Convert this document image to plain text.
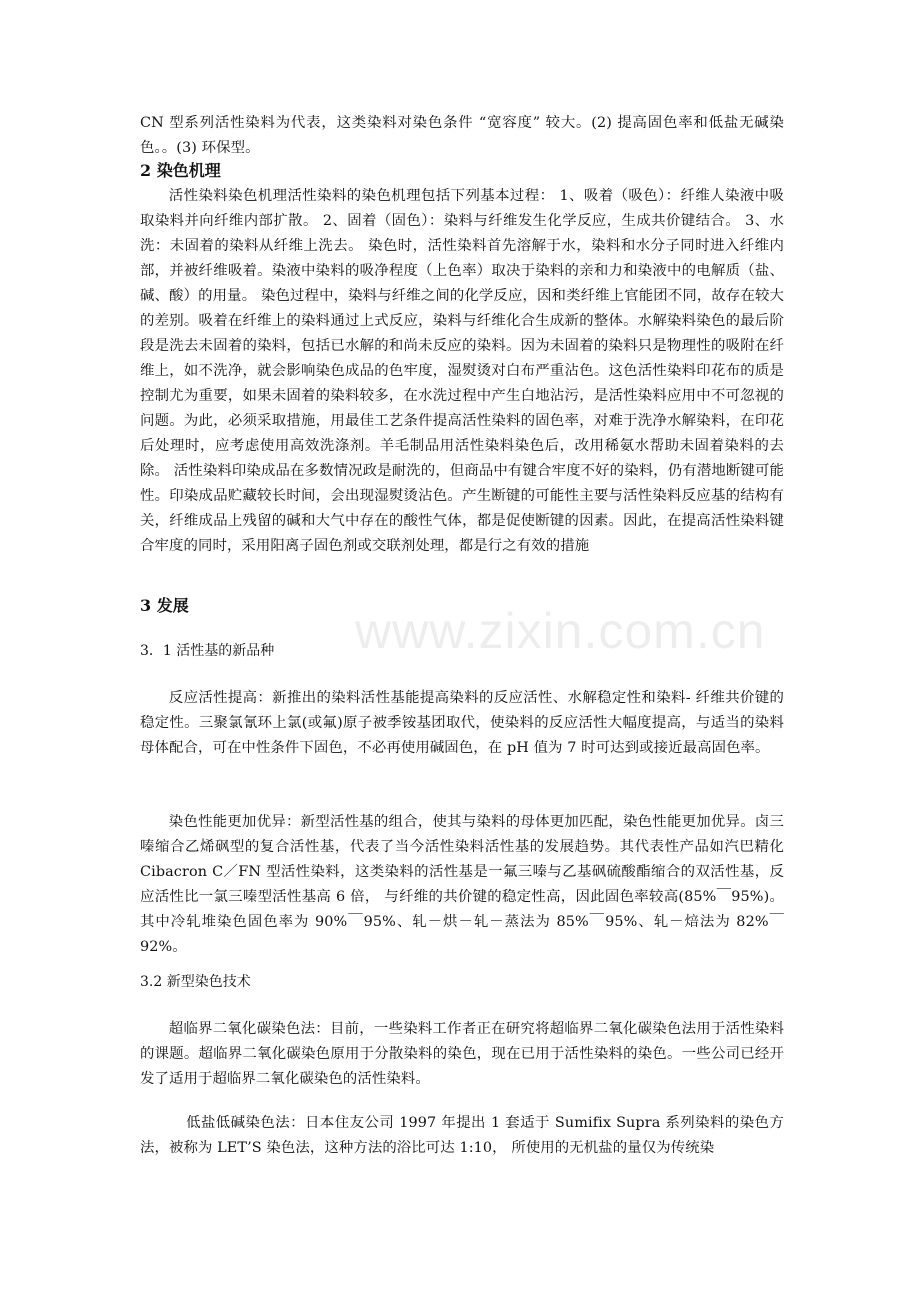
www.zixin.com.cn

CN 型系列活性染料为代表，这类染料对染色条件 “宽容度” 较大。(2) 提高固色率和低盐无碱染色。。(3) 环保型。

2 染色机理

活性染料染色机理活性染料的染色机理包括下列基本过程： 1、吸着（吸色）：纤维人染液中吸取染料并向纤维内部扩散。 2、固着（固色）：染料与纤维发生化学反应，生成共价键结合。 3、水洗：未固着的染料从纤维上洗去。 染色时，活性染料首先溶解于水，染料和水分子同时进入纤维内部，并被纤维吸着。染液中染料的吸净程度（上色率）取决于染料的亲和力和染液中的电解质（盐、碱、酸）的用量。 染色过程中，染料与纤维之间的化学反应，因和类纤维上官能团不同，故存在较大的差别。吸着在纤维上的染料通过上式反应，染料与纤维化合生成新的整体。水解染料染色的最后阶段是洗去未固着的染料，包括已水解的和尚未反应的染料。因为未固着的染料只是物理性的吸附在纤维上，如不洗净，就会影响染色成品的色牢度，湿熨烫对白布严重沾色。这色活性染料印花布的质是控制尤为重要，如果未固着的染料较多，在水洗过程中产生白地沾污，是活性染料应用中不可忽视的问题。为此，必须采取措施，用最佳工艺条件提高活性染料的固色率，对难于洗净水解染料，在印花后处理时，应考虑使用高效洗涤剂。羊毛制品用活性染料染色后，改用稀氨水帮助未固着染料的去除。 活性染料印染成品在多数情况政是耐洗的，但商品中有键合牢度不好的染料，仍有潜地断键可能性。印染成品贮藏较长时间，会出现湿熨烫沾色。产生断键的可能性主要与活性染料反应基的结构有关，纤维成品上残留的碱和大气中存在的酸性气体，都是促使断键的因素。因此，在提高活性染料键合牢度的同时，采用阳离子固色剂或交联剂处理，都是行之有效的措施

3 发展

3．1 活性基的新品种

反应活性提高：新推出的染料活性基能提高染料的反应活性、水解稳定性和染料- 纤维共价键的稳定性。三聚氯氰环上氯(或氟)原子被季铵基团取代，使染料的反应活性大幅度提高，与适当的染料母体配合，可在中性条件下固色，不必再使用碱固色，在 pH 值为 7 时可达到或接近最高固色率。

染色性能更加优异：新型活性基的组合，使其与染料的母体更加匹配，染色性能更加优异。卤三嗪缩合乙烯砜型的复合活性基，代表了当今活性染料活性基的发展趋势。其代表性产品如汽巴精化 Cibacron C／FN 型活性染料，这类染料的活性基是一氟三嗪与乙基砜硫酸酯缩合的双活性基，反应活性比一氯三嗪型活性基高 6 倍， 与纤维的共价键的稳定性高，因此固色率较高(85%￣95%)。其中冷轧堆染色固色率为 90%￣95%、轧－烘－轧－蒸法为 85%￣95%、轧－焙法为 82%￣92%。

3.2 新型染色技术

超临界二氧化碳染色法：目前，一些染料工作者正在研究将超临界二氧化碳染色法用于活性染料的课题。超临界二氧化碳染色原用于分散染料的染色，现在已用于活性染料的染色。一些公司已经开发了适用于超临界二氧化碳染色的活性染料。

低盐低碱染色法：日本住友公司 1997 年提出 1 套适于 Sumifix Supra 系列染料的染色方法，被称为 LET’S 染色法，这种方法的浴比可达 1:10， 所使用的无机盐的量仅为传统染
